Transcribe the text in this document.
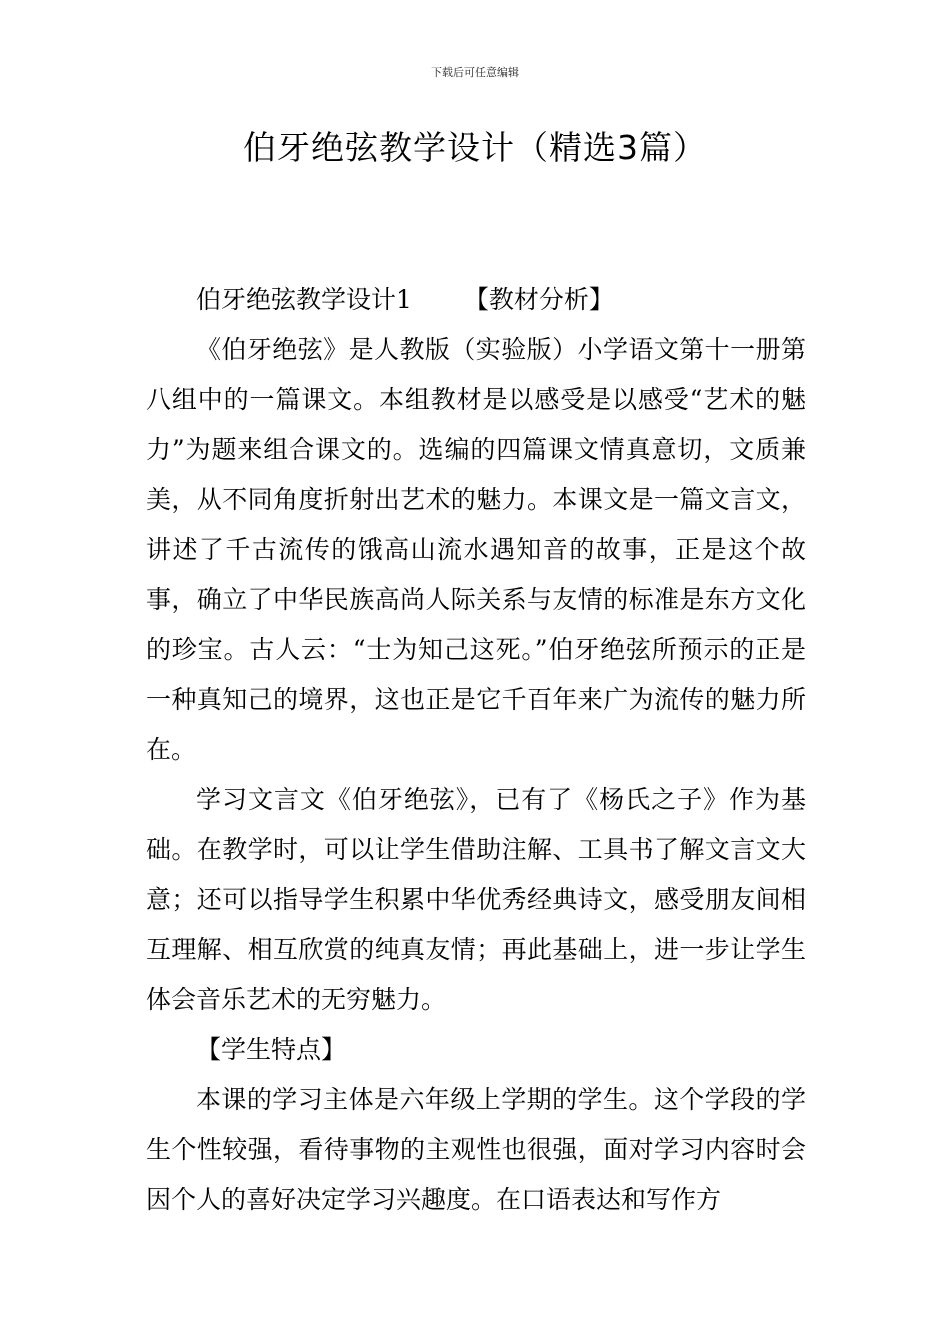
下载后可任意编辑
伯牙绝弦教学设计（精选3篇）
伯牙绝弦教学设计1 【教材分析】

《伯牙绝弦》是人教版（实验版）小学语文第十一册第八组中的一篇课文。本组教材是以感受是以感受“艺术的魅力”为题来组合课文的。选编的四篇课文情真意切，文质兼美，从不同角度折射出艺术的魅力。本课文是一篇文言文，讲述了千古流传的饿高山流水遇知音的故事，正是这个故事，确立了中华民族高尚人际关系与友情的标准是东方文化的珍宝。古人云：“士为知己这死。”伯牙绝弦所预示的正是一种真知己的境界，这也正是它千百年来广为流传的魅力所在。

学习文言文《伯牙绝弦》，已有了《杨氏之子》作为基础。在教学时，可以让学生借助注解、工具书了解文言文大意；还可以指导学生积累中华优秀经典诗文，感受朋友间相互理解、相互欣赏的纯真友情；再此基础上，进一步让学生体会音乐艺术的无穷魅力。

【学生特点】

本课的学习主体是六年级上学期的学生。这个学段的学生个性较强，看待事物的主观性也很强，面对学习内容时会因个人的喜好决定学习兴趣度。在口语表达和写作方
